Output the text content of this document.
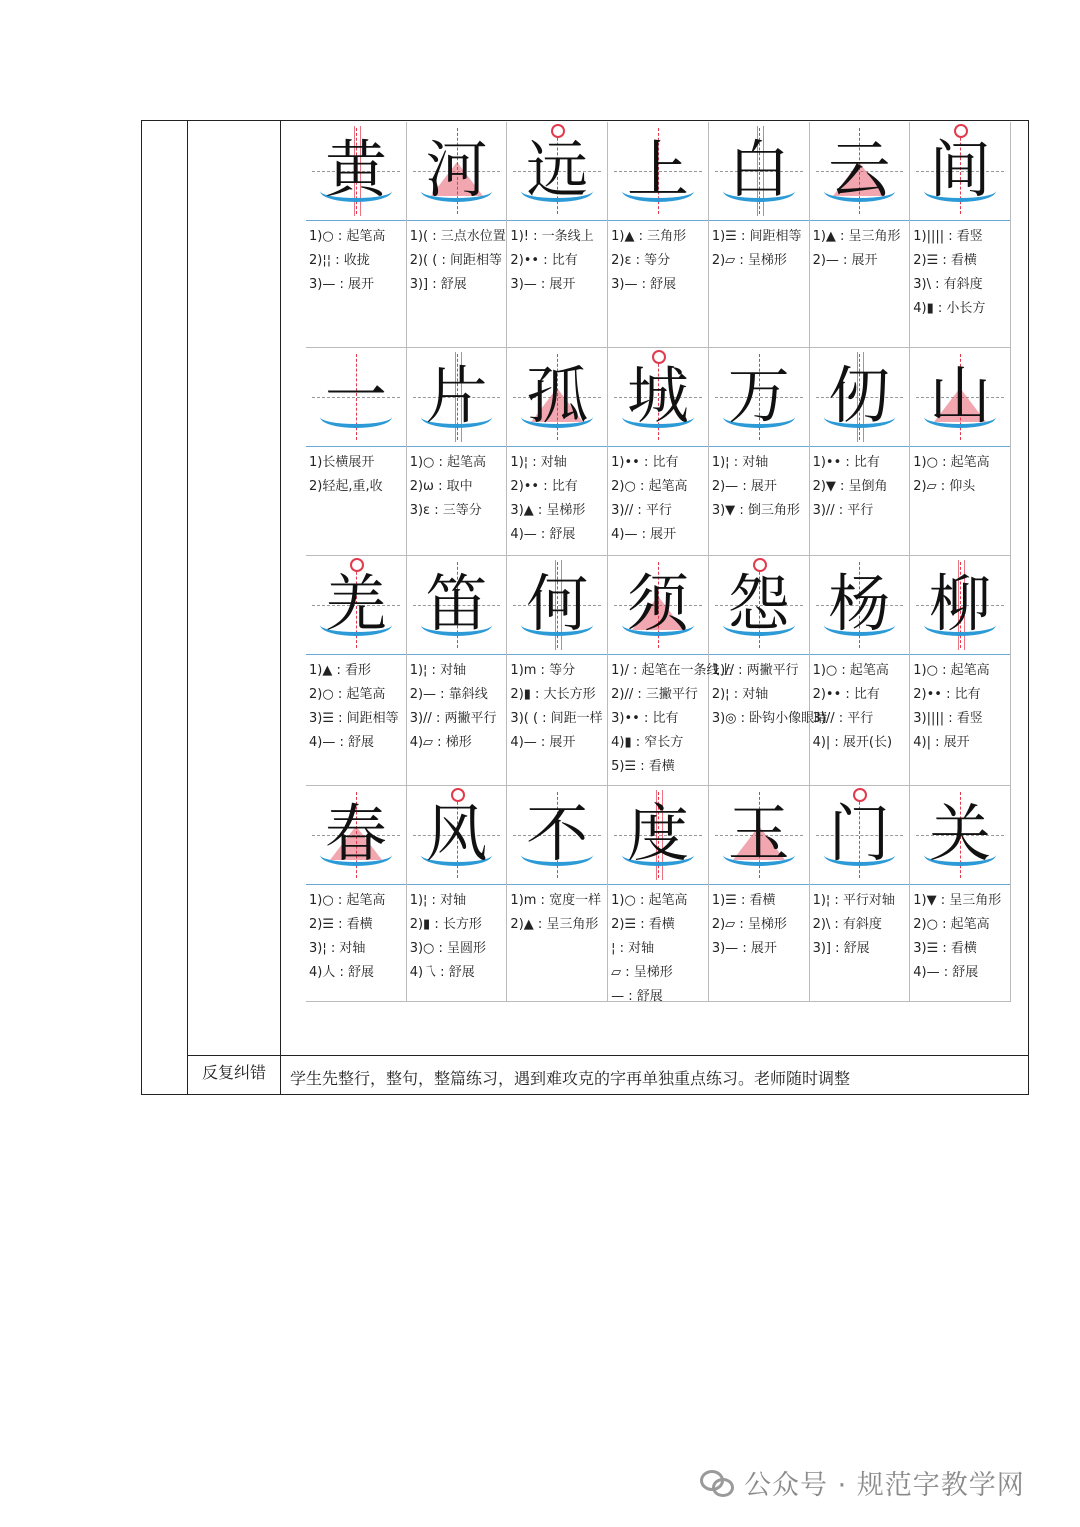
反复纠错	学生先整行，整句，整篇练习，遇到难攻克的字再单独重点练习。老师随时调整
黄
1)○ : 起笔高
2)¦¦ : 收拢
3)— : 展开
河
1)( : 三点水位置
2)( ( : 间距相等
3)] : 舒展
远
1)! : 一条线上
2)•• : 比有
3)— : 展开
上
1)▲ : 三角形
2)ε : 等分
3)— : 舒展
白
1)☰ : 间距相等
2)▱ : 呈梯形
云
1)▲ : 呈三角形
2)— : 展开
间
1)|||| : 看竖
2)☰ : 看横
3)\ : 有斜度
4)▮ : 小长方
一
1)长横展开
2)轻起,重,收
片
1)○ : 起笔高
2)ω : 取中
3)ε : 三等分
孤
1)¦ : 对轴
2)•• : 比有
3)▲ : 呈梯形
4)— : 舒展
城
1)•• : 比有
2)○ : 起笔高
3)// : 平行
4)— : 展开
万
1)¦ : 对轴
2)— : 展开
3)▼ : 倒三角形
仞
1)•• : 比有
2)▼ : 呈倒角
3)// : 平行
山
1)○ : 起笔高
2)▱ : 仰头
羌
1)▲ : 看形
2)○ : 起笔高
3)☰ : 间距相等
4)— : 舒展
笛
1)¦ : 对轴
2)— : 靠斜线
3)// : 两撇平行
4)▱ : 梯形
何
1)m : 等分
2)▮ : 大长方形
3)( ( : 间距一样
4)— : 展开
须
1)/ : 起笔在一条线上
2)// : 三撇平行
3)•• : 比有
4)▮ : 窄长方
5)☰ : 看横
怨
1)// : 两撇平行
2)¦ : 对轴
3)◎ : 卧钩小像眼睛
杨
1)○ : 起笔高
2)•• : 比有
3)// : 平行
4)| : 展开(长)
柳
1)○ : 起笔高
2)•• : 比有
3)|||| : 看竖
4)| : 展开
春
1)○ : 起笔高
2)☰ : 看横
3)¦ : 对轴
4)人 : 舒展
风
1)¦ : 对轴
2)▮ : 长方形
3)○ : 呈圆形
4)乁 : 舒展
不
1)m : 宽度一样
2)▲ : 呈三角形
度
1)○ : 起笔高
2)☰ : 看横
¦ : 对轴
▱ : 呈梯形
— : 舒展
玉
1)☰ : 看横
2)▱ : 呈梯形
3)— : 展开
门
1)¦ : 平行对轴
2)\ : 有斜度
3)] : 舒展
关
1)▼ : 呈三角形
2)○ : 起笔高
3)☰ : 看横
4)— : 舒展
公众号 · 规范字教学网
